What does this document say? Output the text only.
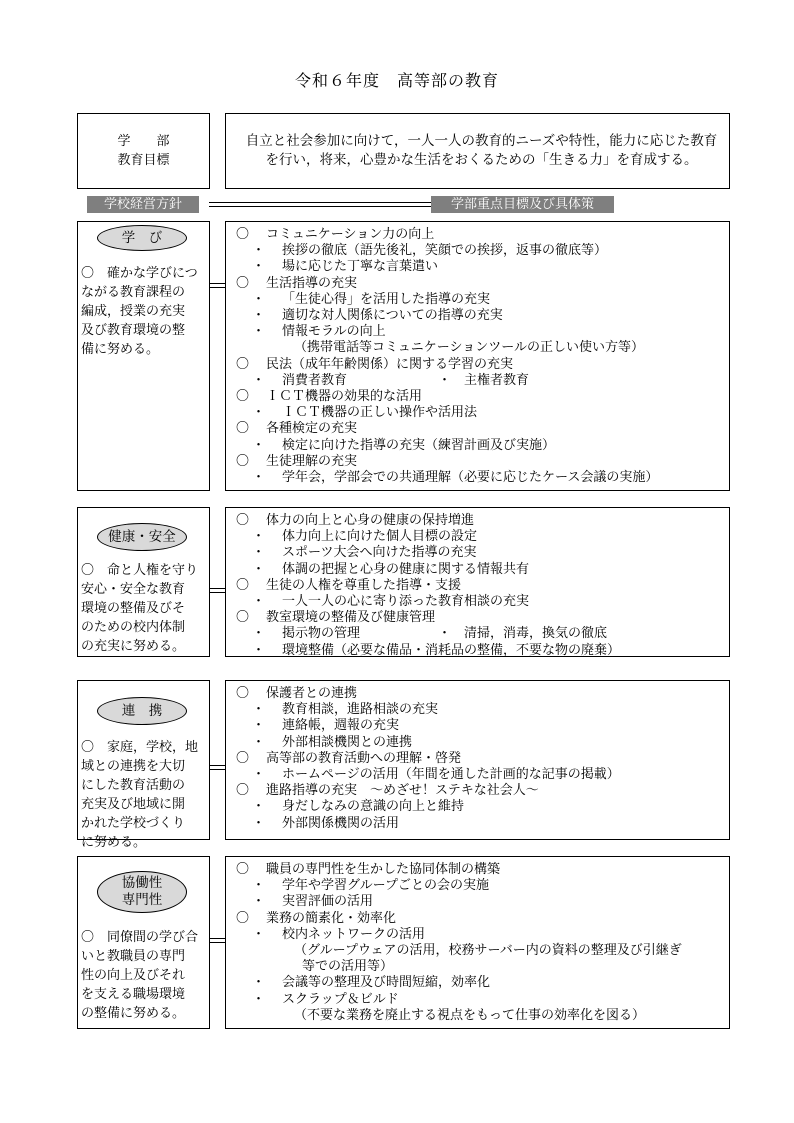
令和６年度　高等部の教育
学　　部
教育目標
自立と社会参加に向けて，一人一人の教育的ニーズや特性，能力に応じた教育を行い，将来，心豊かな生活をおくるための「生きる力」を育成する。
学校経営方針	学部重点目標及び具体策
学　び
〇　確かな学びにつ
ながる教育課程の
編成，授業の充実
及び教育環境の整
備に努める。
〇	コミュニケーション力の向上
・	挨拶の徹底（語先後礼，笑顔での挨拶，返事の徹底等）
・	場に応じた丁寧な言葉遣い
〇	生活指導の充実
・	「生徒心得」を活用した指導の充実
・	適切な対人関係についての指導の充実
・	情報モラルの向上
（携帯電話等コミュニケーションツールの正しい使い方等）
〇	民法（成年年齢関係）に関する学習の充実
・	消費者教育　　　　　　　・　主権者教育
〇	ＩＣＴ機器の効果的な活用
・	ＩＣＴ機器の正しい操作や活用法
〇	各種検定の充実
・	検定に向けた指導の充実（練習計画及び実施）
〇	生徒理解の充実
・	学年会，学部会での共通理解（必要に応じたケース会議の実施）
健康・安全
〇　命と人権を守り
安心・安全な教育
環境の整備及びそ
のための校内体制
の充実に努める。
〇	体力の向上と心身の健康の保持増進
・	体力向上に向けた個人目標の設定
・	スポーツ大会へ向けた指導の充実
・	体調の把握と心身の健康に関する情報共有
〇	生徒の人権を尊重した指導・支援
・	一人一人の心に寄り添った教育相談の充実
〇	教室環境の整備及び健康管理
・	掲示物の管理　　　　　　・　清掃，消毒，換気の徹底
・	環境整備（必要な備品・消耗品の整備，不要な物の廃棄）
連　携
〇　家庭，学校，地
域との連携を大切
にした教育活動の
充実及び地域に開
かれた学校づくり
に努める。
〇	保護者との連携
・	教育相談，進路相談の充実
・	連絡帳，週報の充実
・	外部相談機関との連携
〇	高等部の教育活動への理解・啓発
・	ホームページの活用（年間を通した計画的な記事の掲載）
〇	進路指導の充実　～めざせ！ステキな社会人～
・	身だしなみの意識の向上と維持
・	外部関係機関の活用
協働性
専門性
〇　同僚間の学び合
いと教職員の専門
性の向上及びそれ
を支える職場環境
の整備に努める。
〇	職員の専門性を生かした協同体制の構築
・	学年や学習グループごとの会の実施
・	実習評価の活用
〇	業務の簡素化・効率化
・	校内ネットワークの活用
（グループウェアの活用，校務サーバー内の資料の整理及び引継ぎ
等での活用等）
・	会議等の整理及び時間短縮，効率化
・	スクラップ＆ビルド
（不要な業務を廃止する視点をもって仕事の効率化を図る）
